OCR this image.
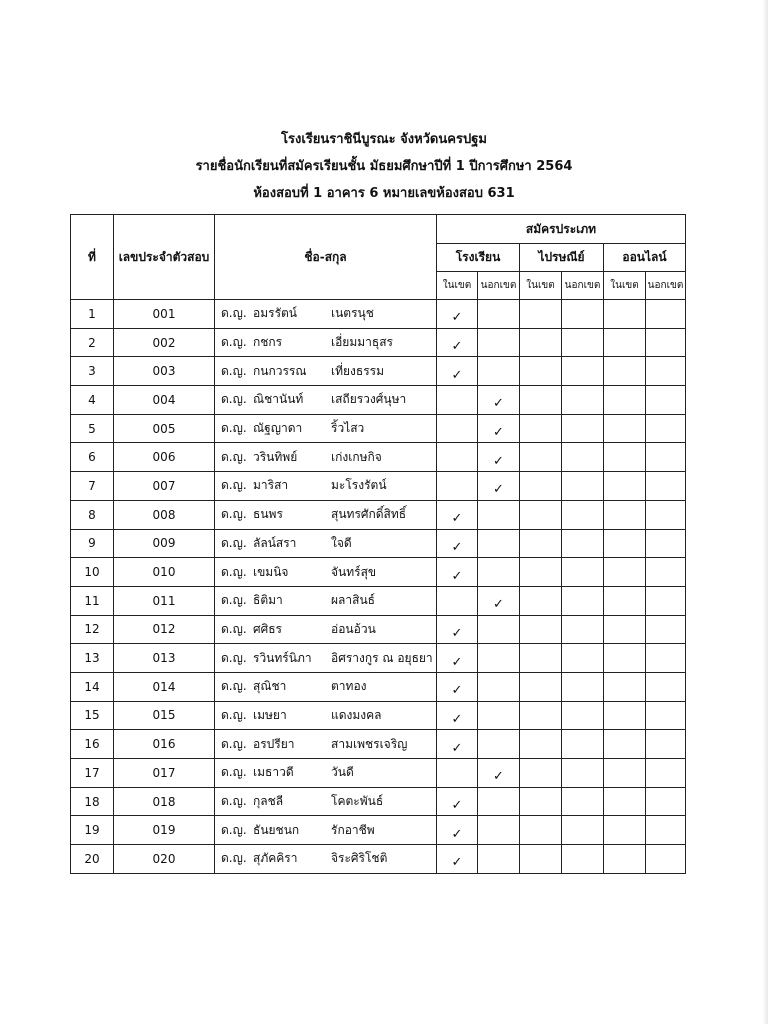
โรงเรียนราชินีบูรณะ จังหวัดนครปฐม
รายชื่อนักเรียนที่สมัครเรียนชั้น มัธยมศึกษาปีที่ 1 ปีการศึกษา 2564
ห้องสอบที่ 1 อาคาร 6 หมายเลขห้องสอบ 631
ที่	เลขประจำตัวสอบ	ชื่อ-สกุล	สมัครประเภท					
			โรงเรียน		ไปรษณีย์		ออนไลน์	
			ในเขต	นอกเขต	ในเขต	นอกเขต	ในเขต	นอกเขต
1	001	ด.ญ. อมรรัตน์ เนตรนุช	✓					
2	002	ด.ญ. กชกร เอี่ยมมาธุสร	✓					
3	003	ด.ญ. กนกวรรณ เที่ยงธรรม	✓					
4	004	ด.ญ. ณิชานันท์ เสถียรวงศ์นุษา		✓				
5	005	ด.ญ. ณัฐญาดา ริ้วไสว		✓				
6	006	ด.ญ. วรินทิพย์ เก่งเกษกิจ		✓				
7	007	ด.ญ. มาริสา มะโรงรัตน์		✓				
8	008	ด.ญ. ธนพร สุนทรศักดิ์สิทธิ์	✓					
9	009	ด.ญ. ลัลน์สรา ใจดี	✓					
10	010	ด.ญ. เขมนิจ จันทร์สุข	✓					
11	011	ด.ญ. ธิติมา ผลาสินธ์		✓				
12	012	ด.ญ. ศศิธร อ่อนอ้วน	✓					
13	013	ด.ญ. รวินทร์นิภา อิศรางกูร ณ อยุธยา	✓					
14	014	ด.ญ. สุณิชา ตาทอง	✓					
15	015	ด.ญ. เมษยา แดงมงคล	✓					
16	016	ด.ญ. อรปรียา สามเพชรเจริญ	✓					
17	017	ด.ญ. เมธาวดี วันดี		✓				
18	018	ด.ญ. กุลชลี โคตะพันธ์	✓					
19	019	ด.ญ. ธันยชนก รักอาชีพ	✓					
20	020	ด.ญ. สุภัคคิรา จิระศิริโชติ	✓					
